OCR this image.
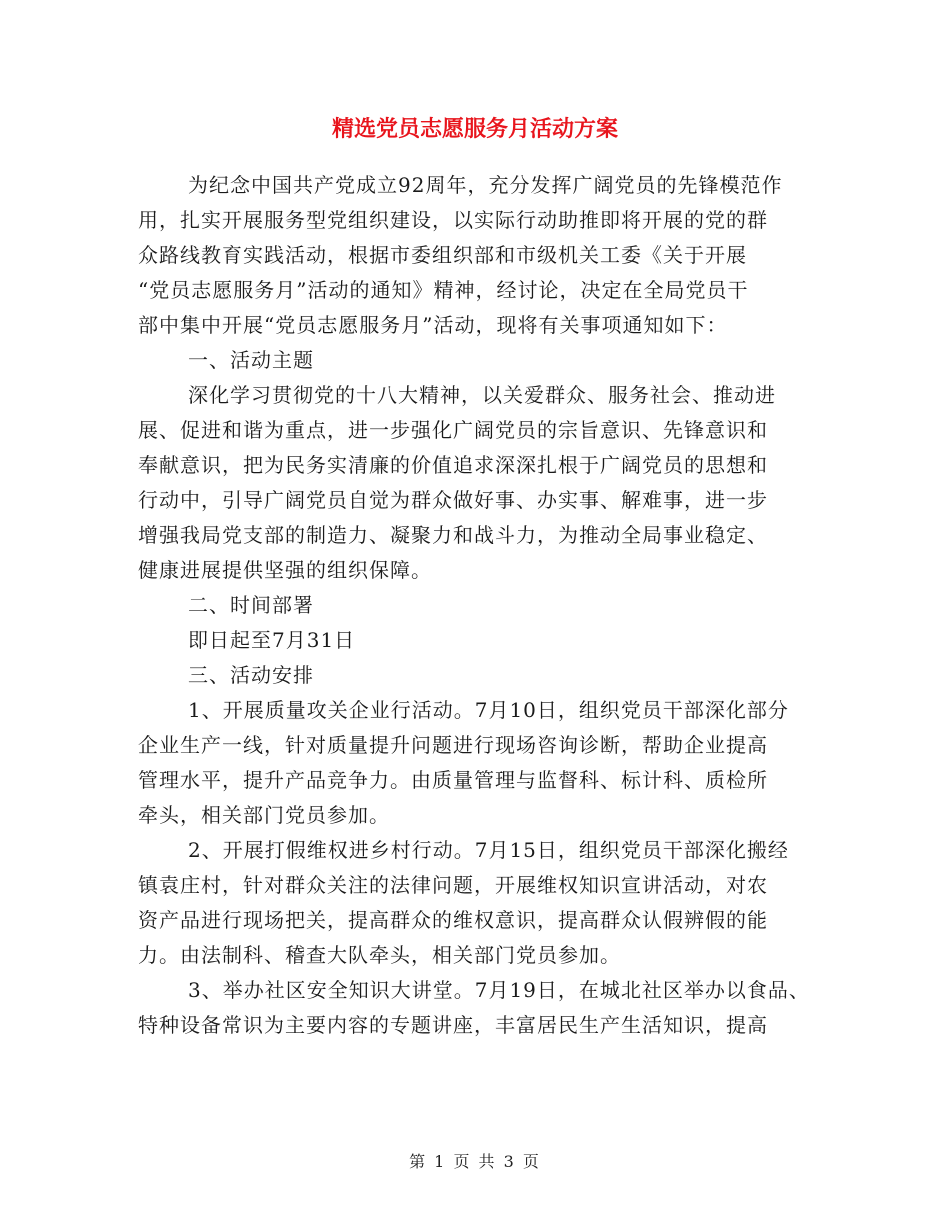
精选党员志愿服务月活动方案

为纪念中国共产党成立92周年，充分发挥广阔党员的先锋模范作

用，扎实开展服务型党组织建设，以实际行动助推即将开展的党的群

众路线教育实践活动，根据市委组织部和市级机关工委《关于开展

“党员志愿服务月”活动的通知》精神，经讨论，决定在全局党员干

部中集中开展“党员志愿服务月”活动，现将有关事项通知如下：

一、活动主题

深化学习贯彻党的十八大精神，以关爱群众、服务社会、推动进

展、促进和谐为重点，进一步强化广阔党员的宗旨意识、先锋意识和

奉献意识，把为民务实清廉的价值追求深深扎根于广阔党员的思想和

行动中，引导广阔党员自觉为群众做好事、办实事、解难事，进一步

增强我局党支部的制造力、凝聚力和战斗力，为推动全局事业稳定、

健康进展提供坚强的组织保障。

二、时间部署

即日起至7月31日

三、活动安排

1、开展质量攻关企业行活动。7月10日，组织党员干部深化部分

企业生产一线，针对质量提升问题进行现场咨询诊断，帮助企业提高

管理水平，提升产品竞争力。由质量管理与监督科、标计科、质检所

牵头，相关部门党员参加。

2、开展打假维权进乡村行动。7月15日，组织党员干部深化搬经

镇袁庄村，针对群众关注的法律问题，开展维权知识宣讲活动，对农

资产品进行现场把关，提高群众的维权意识，提高群众认假辨假的能

力。由法制科、稽查大队牵头，相关部门党员参加。

3、举办社区安全知识大讲堂。7月19日，在城北社区举办以食品、

特种设备常识为主要内容的专题讲座，丰富居民生产生活知识，提高

第 1 页 共 3 页
